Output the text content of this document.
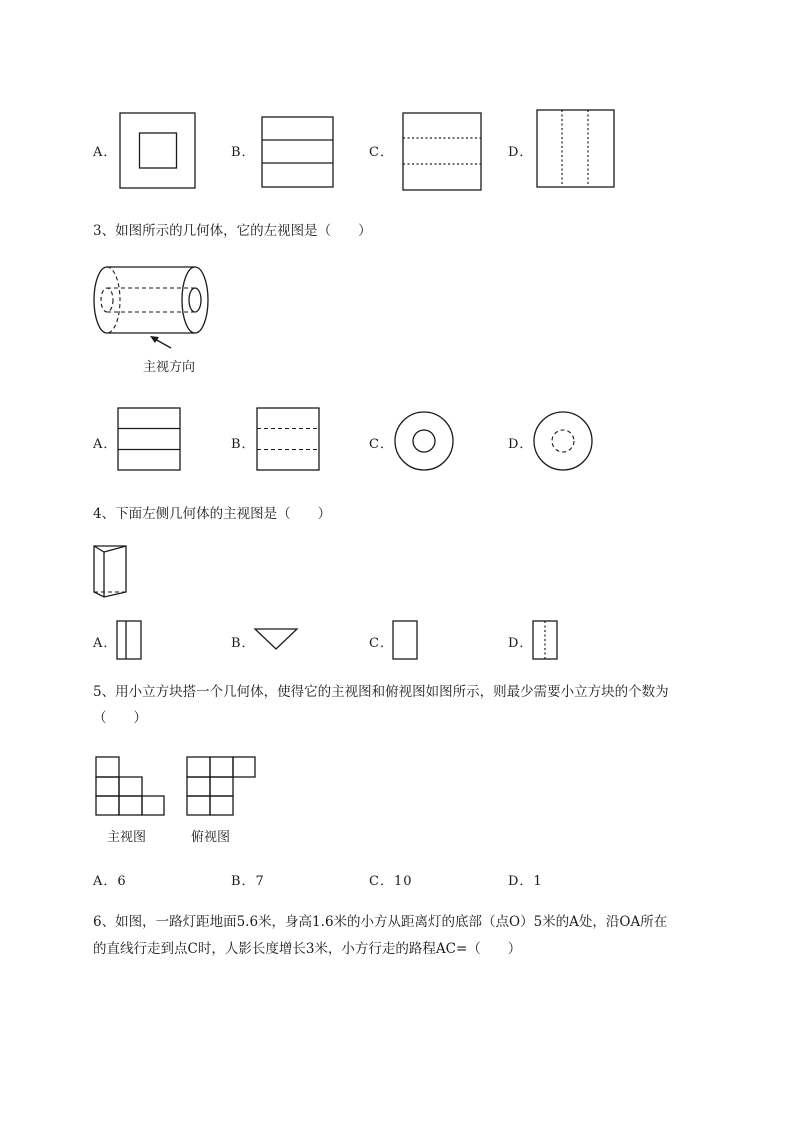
A．	B．	C．	D．
3、如图所示的几何体，它的左视图是（　　）
主视方向
A．	B．	C．	D．
4、下面左侧几何体的主视图是（　　）
A．	B．	C．	D．
5、用小立方块搭一个几何体，使得它的主视图和俯视图如图所示，则最少需要小立方块的个数为
（　　）
主视图	俯视图
A．6	B．7	C．10	D．1
6、如图，一路灯距地面5.6米，身高1.6米的小方从距离灯的底部（点O）5米的A处，沿OA所在
的直线行走到点C时，人影长度增长3米，小方行走的路程AC=（　　）
